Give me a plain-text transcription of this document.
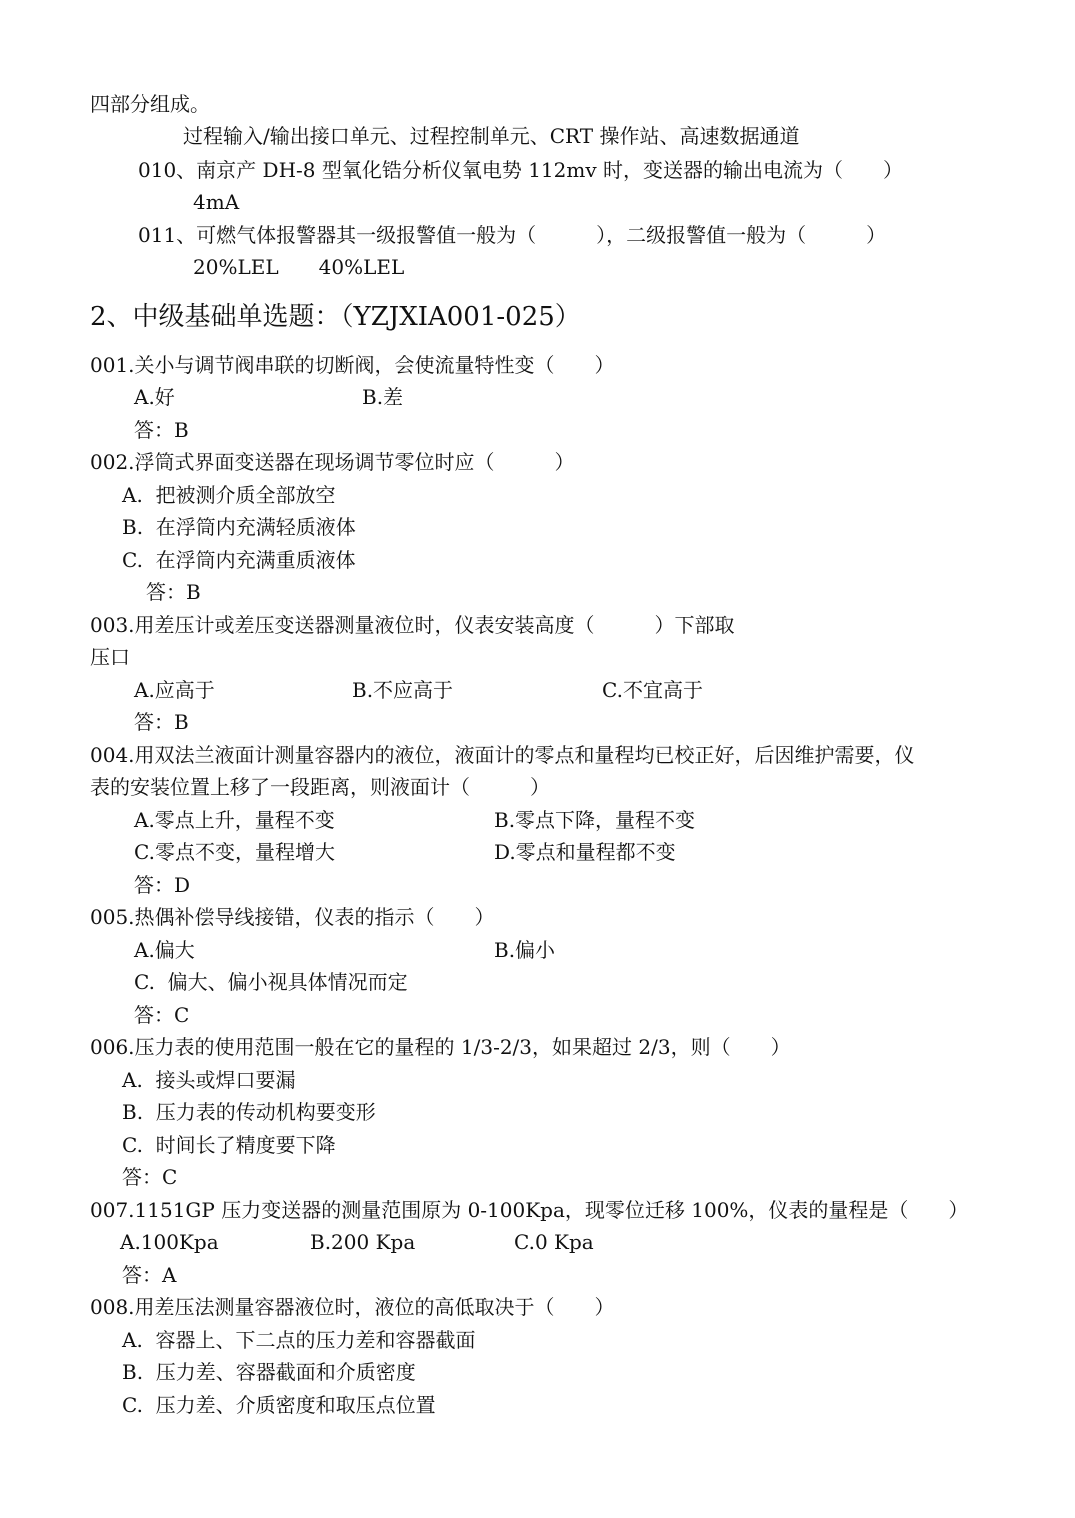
四部分组成。
过程输入/输出接口单元、过程控制单元、CRT 操作站、高速数据通道
010、南京产 DH-8 型氧化锆分析仪氧电势 112mv 时，变送器的输出电流为（　　）
4mA
011、可燃气体报警器其一级报警值一般为（　　　），二级报警值一般为（　　　）
20%LEL　　40%LEL
2、中级基础单选题：（YZJXIA001-025）
001.关小与调节阀串联的切断阀，会使流量特性变（　　）
A.好	B.差
答：B
002.浮筒式界面变送器在现场调节零位时应（　　　）
A.  把被测介质全部放空
B.  在浮筒内充满轻质液体
C.  在浮筒内充满重质液体
答：B
003.用差压计或差压变送器测量液位时，仪表安装高度（　　　）下部取
压口
A.应高于	B.不应高于	C.不宜高于
答：B
004.用双法兰液面计测量容器内的液位，液面计的零点和量程均已校正好，后因维护需要，仪
表的安装位置上移了一段距离，则液面计（　　　）
A.零点上升，量程不变	B.零点下降，量程不变
C.零点不变，量程增大	D.零点和量程都不变
答：D
005.热偶补偿导线接错，仪表的指示（　　）
A.偏大	B.偏小
C.  偏大、偏小视具体情况而定
答：C
006.压力表的使用范围一般在它的量程的 1/3-2/3，如果超过 2/3，则（　　）
A.  接头或焊口要漏
B.  压力表的传动机构要变形
C.  时间长了精度要下降
答：C
007.1151GP 压力变送器的测量范围原为 0-100Kpa，现零位迁移 100%，仪表的量程是（　　）
A.100Kpa	B.200 Kpa	C.0 Kpa
答：A
008.用差压法测量容器液位时，液位的高低取决于（　　）
A.  容器上、下二点的压力差和容器截面
B.  压力差、容器截面和介质密度
C.  压力差、介质密度和取压点位置
